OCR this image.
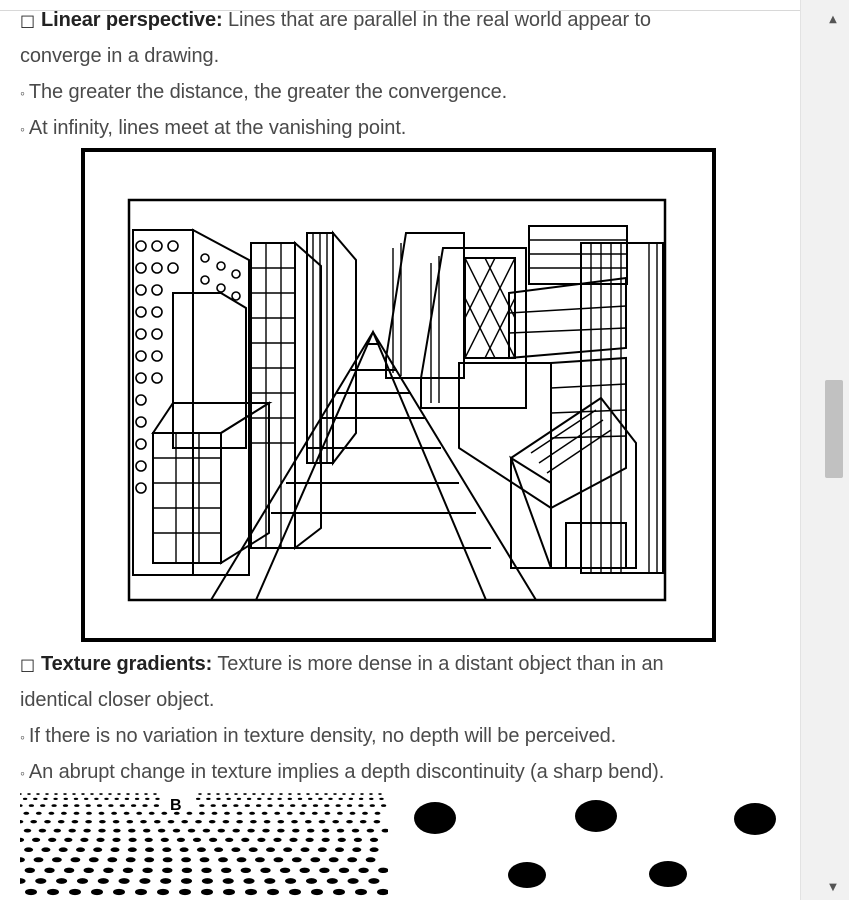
□ Linear perspective: Lines that are parallel in the real world appear to
converge in a drawing.
◦ The greater the distance, the greater the convergence.
◦ At infinity, lines meet at the vanishing point.
□ Texture gradients: Texture is more dense in a distant object than in an
identical closer object.
◦ If there is no variation in texture density, no depth will be perceived.
◦ An abrupt change in texture implies a depth discontinuity (a sharp bend).
B
▲
▼
